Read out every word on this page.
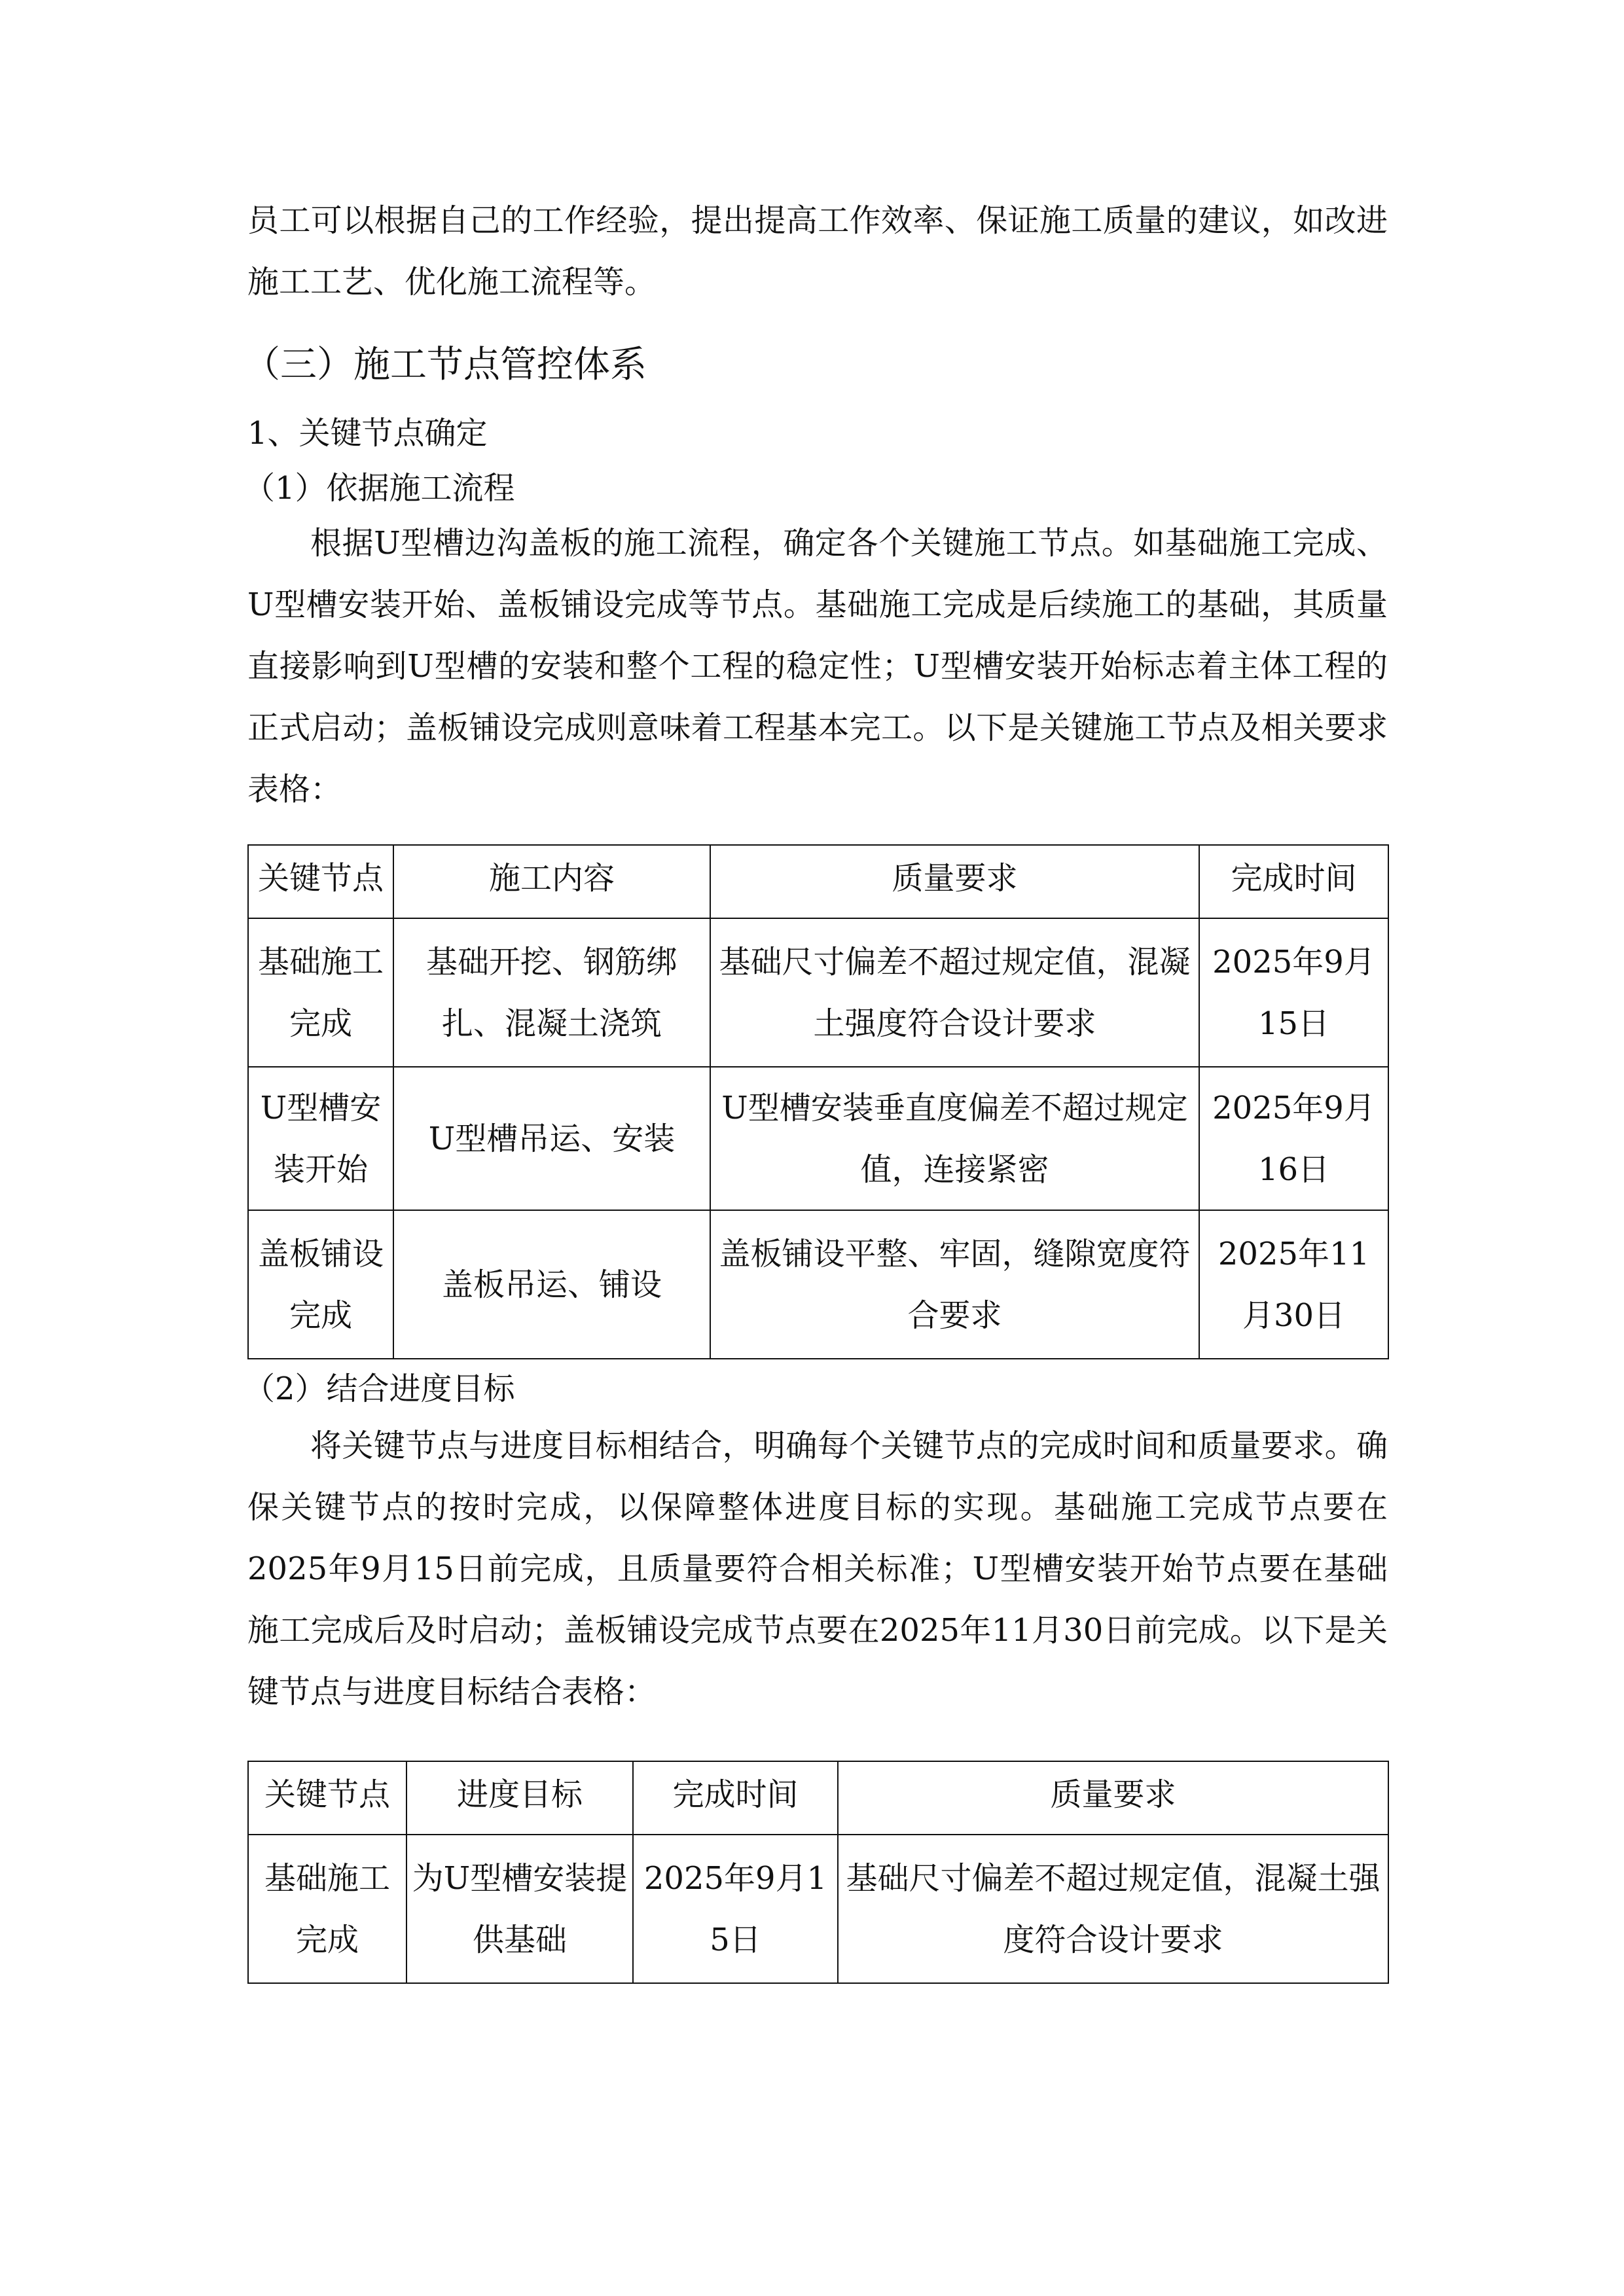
员工可以根据自己的工作经验，提出提高工作效率、保证施工质量的建议，如改进施工工艺、优化施工流程等。

（三）施工节点管控体系

1、关键节点确定

（1）依据施工流程

根据U型槽边沟盖板的施工流程，确定各个关键施工节点。如基础施工完成、U型槽安装开始、盖板铺设完成等节点。基础施工完成是后续施工的基础，其质量直接影响到U型槽的安装和整个工程的稳定性；U型槽安装开始标志着主体工程的正式启动；盖板铺设完成则意味着工程基本完工。以下是关键施工节点及相关要求表格：

关键节点	施工内容	质量要求	完成时间
基础施工完成	基础开挖、钢筋绑扎、混凝土浇筑	基础尺寸偏差不超过规定值，混凝土强度符合设计要求	2025年9月15日
U型槽安装开始	U型槽吊运、安装	U型槽安装垂直度偏差不超过规定值，连接紧密	2025年9月16日
盖板铺设完成	盖板吊运、铺设	盖板铺设平整、牢固，缝隙宽度符合要求	2025年11月30日

（2）结合进度目标

将关键节点与进度目标相结合，明确每个关键节点的完成时间和质量要求。确保关键节点的按时完成，以保障整体进度目标的实现。基础施工完成节点要在2025年9月15日前完成，且质量要符合相关标准；U型槽安装开始节点要在基础施工完成后及时启动；盖板铺设完成节点要在2025年11月30日前完成。以下是关键节点与进度目标结合表格：

关键节点	进度目标	完成时间	质量要求
基础施工完成	为U型槽安装提供基础	2025年9月15日	基础尺寸偏差不超过规定值，混凝土强度符合设计要求
